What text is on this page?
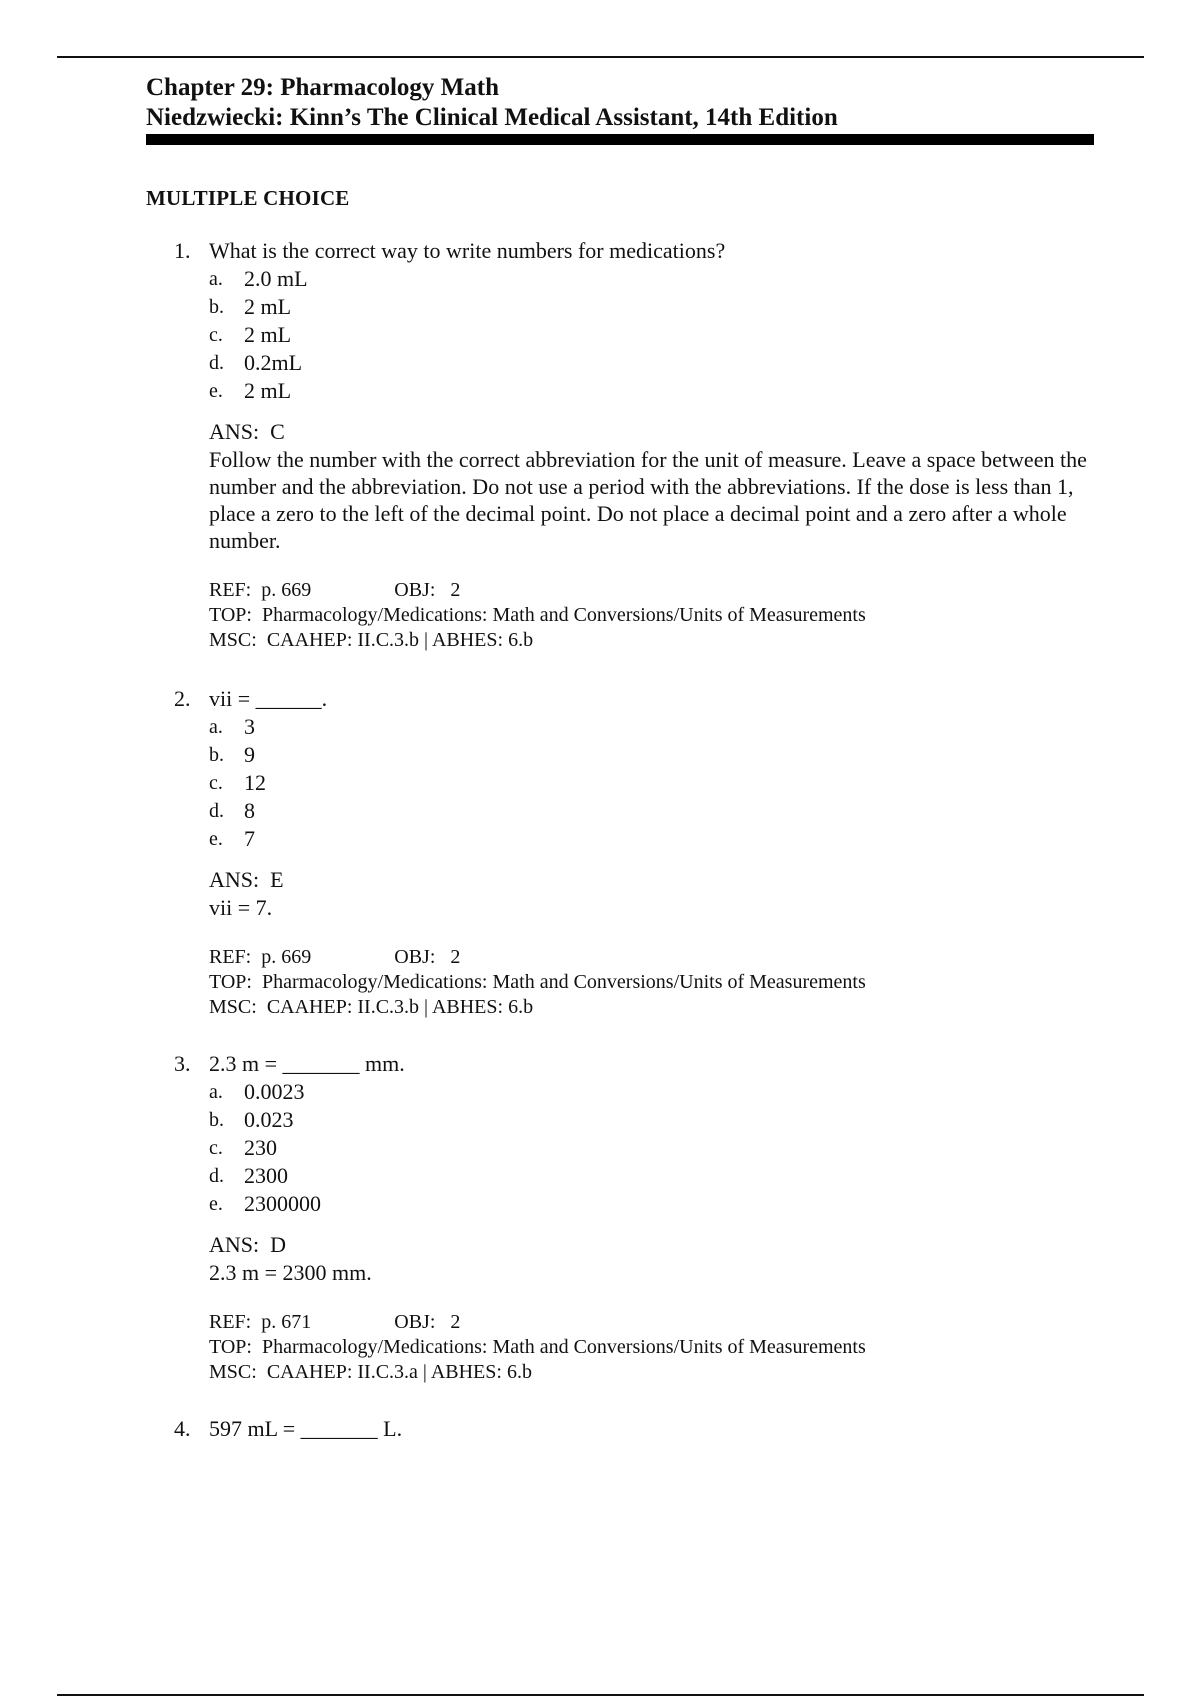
Chapter 29: Pharmacology Math
Niedzwiecki: Kinn’s The Clinical Medical Assistant, 14th Edition
MULTIPLE CHOICE
1. What is the correct way to write numbers for medications?
a. 2.0 mL
b. 2 mL
c. 2 mL
d. 0.2mL
e. 2 mL
ANS: C
Follow the number with the correct abbreviation for the unit of measure. Leave a space between the number and the abbreviation. Do not use a period with the abbreviations. If the dose is less than 1, place a zero to the left of the decimal point. Do not place a decimal point and a zero after a whole number.
REF: p. 669	OBJ: 2
TOP: Pharmacology/Medications: Math and Conversions/Units of Measurements
MSC: CAAHEP: II.C.3.b | ABHES: 6.b
2. vii = ______.
a. 3
b. 9
c. 12
d. 8
e. 7
ANS: E
vii = 7.
REF: p. 669	OBJ: 2
TOP: Pharmacology/Medications: Math and Conversions/Units of Measurements
MSC: CAAHEP: II.C.3.b | ABHES: 6.b
3. 2.3 m = _______ mm.
a. 0.0023
b. 0.023
c. 230
d. 2300
e. 2300000
ANS: D
2.3 m = 2300 mm.
REF: p. 671	OBJ: 2
TOP: Pharmacology/Medications: Math and Conversions/Units of Measurements
MSC: CAAHEP: II.C.3.a | ABHES: 6.b
4. 597 mL = _______ L.
